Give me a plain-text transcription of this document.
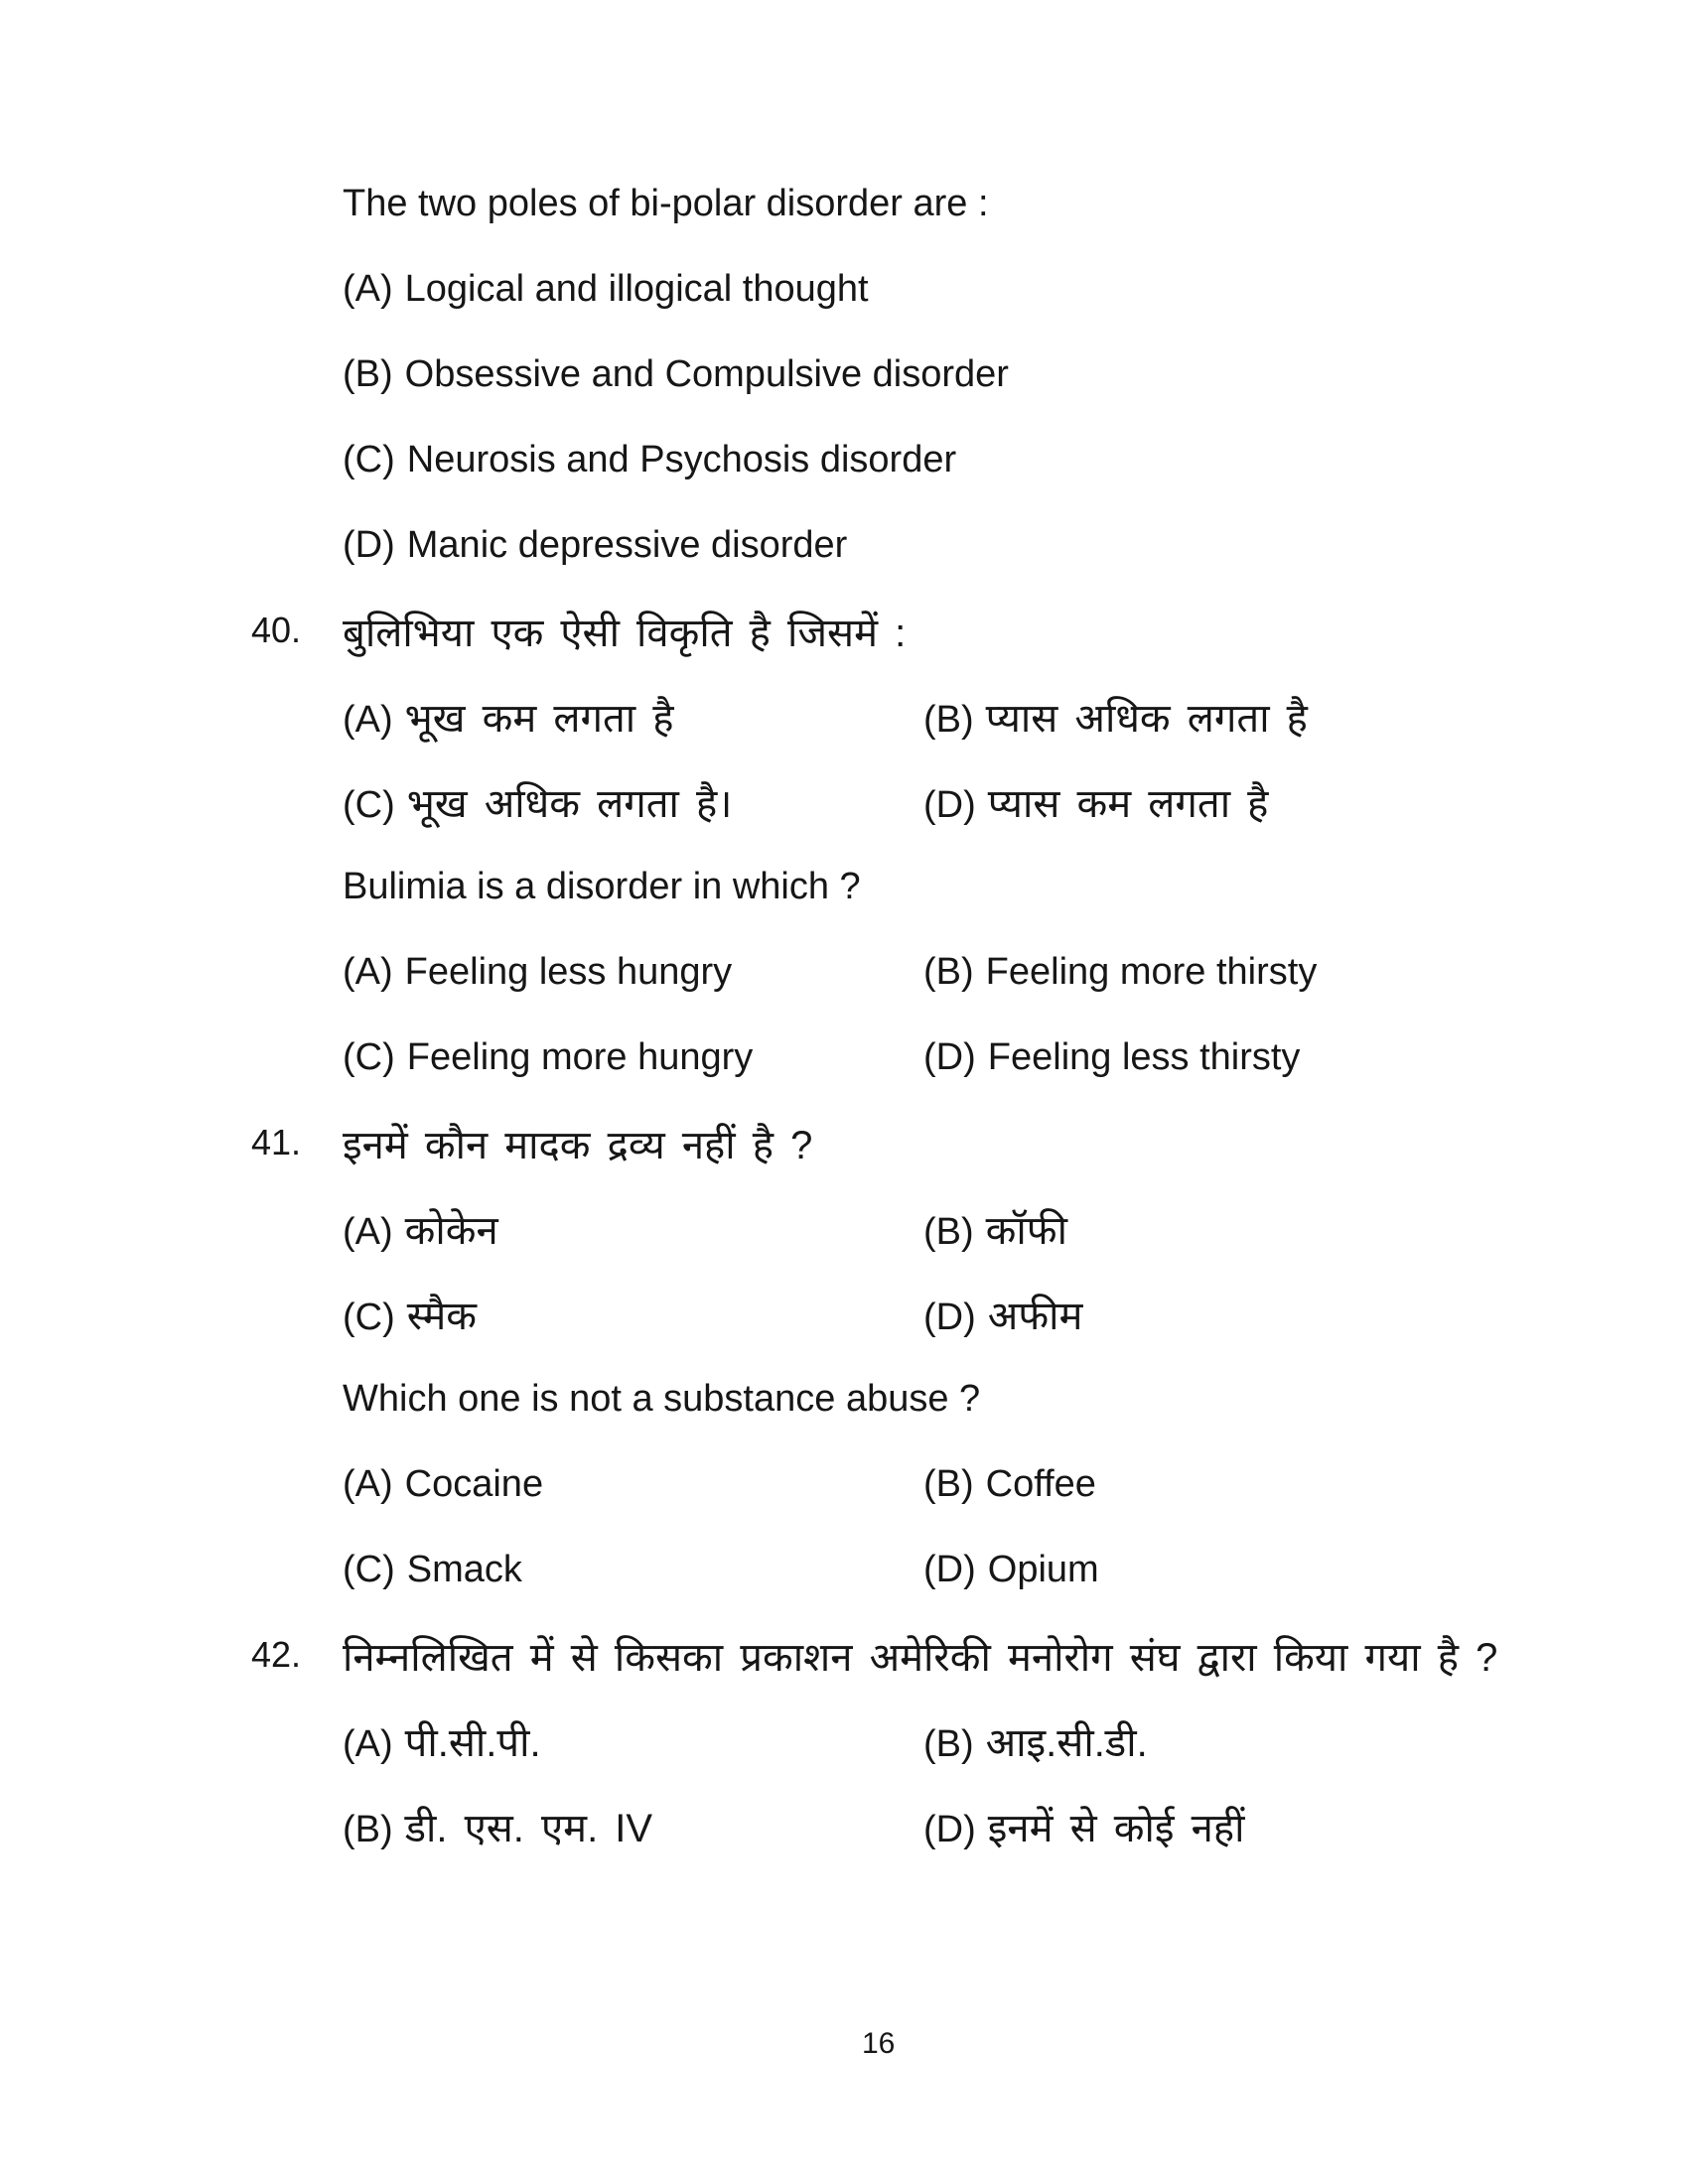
The two poles of bi-polar disorder are :
(A) Logical and illogical thought
(B) Obsessive and Compulsive disorder
(C) Neurosis and Psychosis disorder
(D) Manic depressive disorder
40. बुलिभिया एक ऐसी विकृति है जिसमें :
(A) भूख कम लगता है	(B) प्यास अधिक लगता है
(C) भूख अधिक लगता है।	(D) प्यास कम लगता है
Bulimia is a disorder in which ?
(A) Feeling less hungry	(B) Feeling more thirsty
(C) Feeling more hungry	(D) Feeling less thirsty
41. इनमें कौन मादक द्रव्य नहीं है ?
(A) कोकेन	(B) कॉफी
(C) स्मैक	(D) अफीम
Which one is not a substance abuse ?
(A) Cocaine	(B) Coffee
(C) Smack	(D) Opium
42. निम्नलिखित में से किसका प्रकाशन अमेरिकी मनोरोग संघ द्वारा किया गया है ?
(A) पी.सी.पी.	(B) आइ.सी.डी.
(B) डी. एस. एम. IV	(D) इनमें से कोई नहीं
16
